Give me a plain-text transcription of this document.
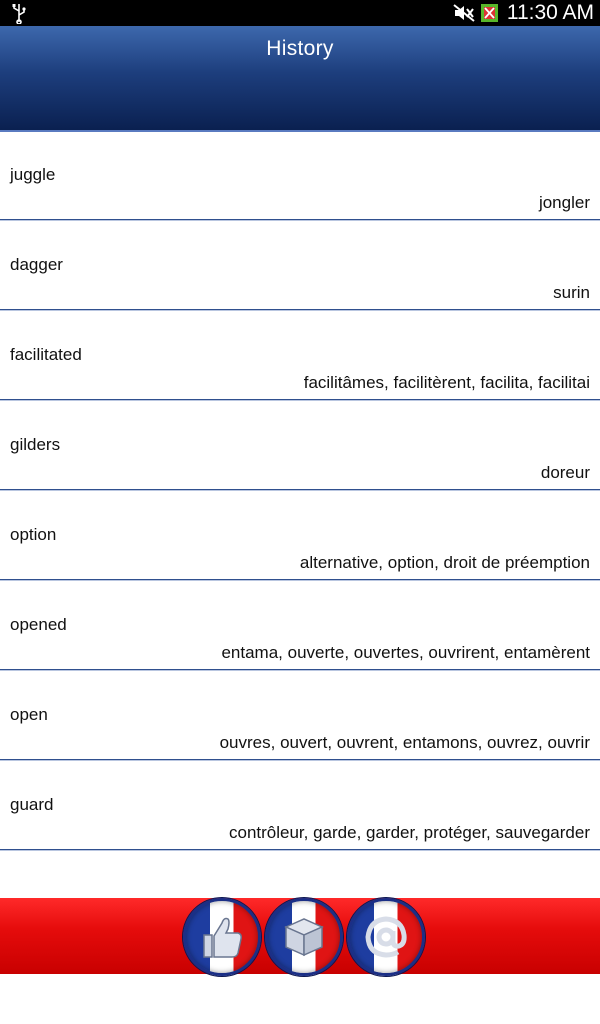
11:30 AM
History
juggle
jongler
dagger
surin
facilitated
facilitâmes, facilitèrent, facilita, facilitai
gilders
doreur
option
alternative, option, droit de préemption
opened
entama, ouverte, ouvertes, ouvrirent, entamèrent
open
ouvres, ouvert, ouvrent, entamons, ouvrez, ouvrir
guard
contrôleur, garde, garder, protéger, sauvegarder
